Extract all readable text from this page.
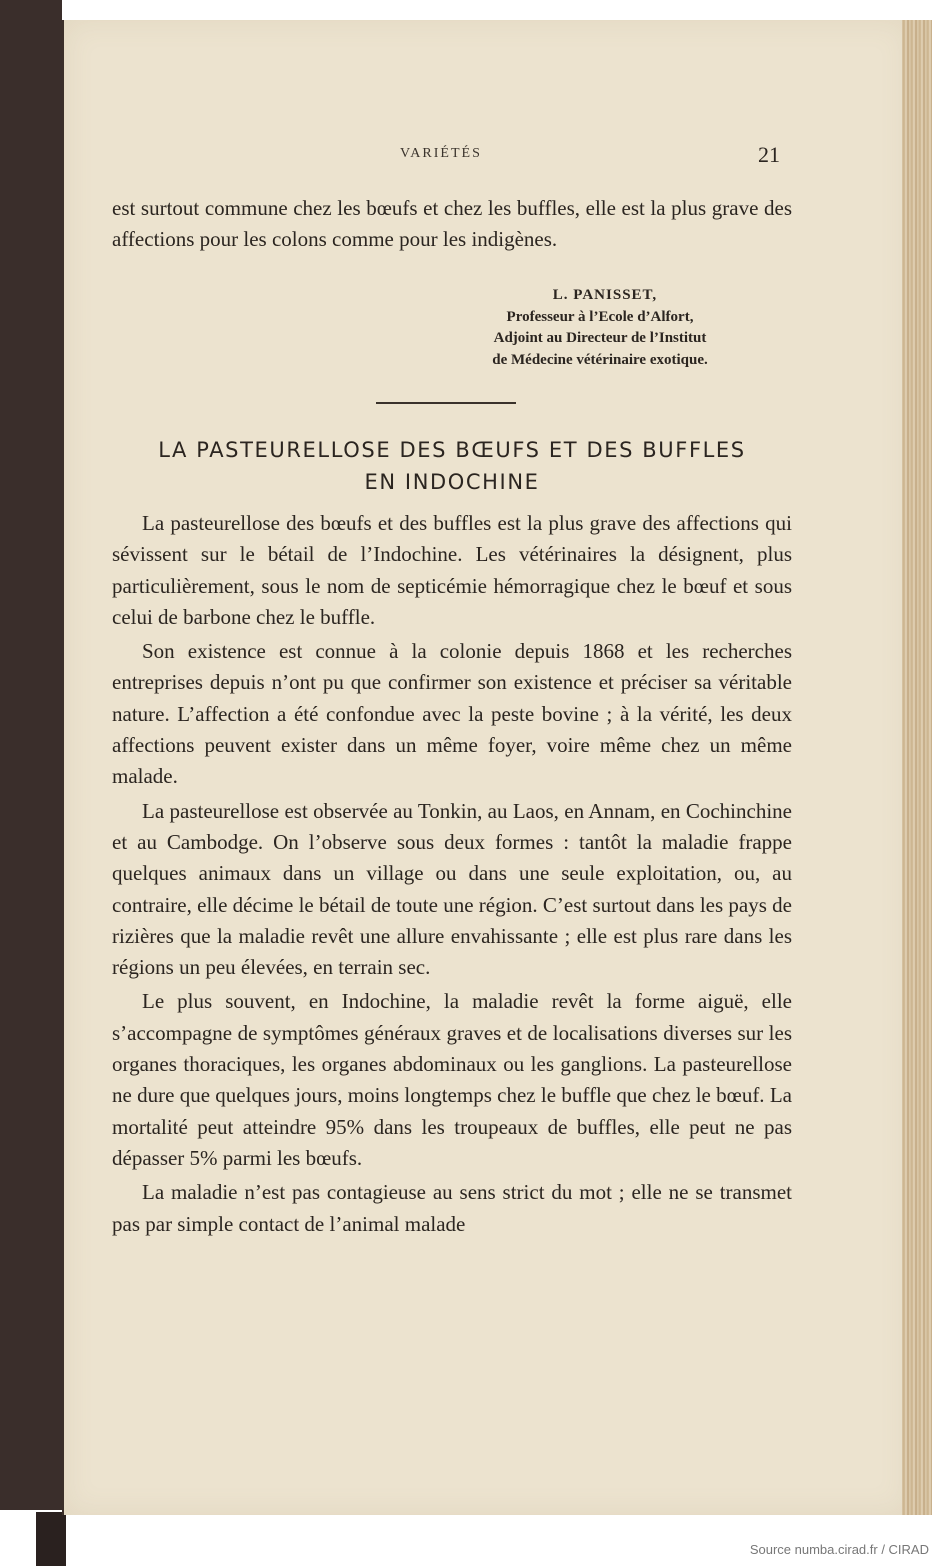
VARIÉTÉS	21

est surtout commune chez les bœufs et chez les buffles, elle est la plus grave des affections pour les colons comme pour les indigènes.

L. PANISSET,
Professeur à l’Ecole d’Alfort,
Adjoint au Directeur de l’Institut
de Médecine vétérinaire exotique.
LA PASTEURELLOSE DES BŒUFS ET DES BUFFLES
EN INDOCHINE

La pasteurellose des bœufs et des buffles est la plus grave des affections qui sévissent sur le bétail de l’Indochine. Les vétérinaires la désignent, plus particulièrement, sous le nom de septicémie hémorragique chez le bœuf et sous celui de barbone chez le buffle.

Son existence est connue à la colonie depuis 1868 et les recherches entreprises depuis n’ont pu que confirmer son existence et préciser sa véritable nature. L’affection a été confondue avec la peste bovine ; à la vérité, les deux affections peuvent exister dans un même foyer, voire même chez un même malade.

La pasteurellose est observée au Tonkin, au Laos, en Annam, en Cochinchine et au Cambodge. On l’observe sous deux formes : tantôt la maladie frappe quelques animaux dans un village ou dans une seule exploitation, ou, au contraire, elle décime le bétail de toute une région. C’est surtout dans les pays de rizières que la maladie revêt une allure envahissante ; elle est plus rare dans les régions un peu élevées, en terrain sec.

Le plus souvent, en Indochine, la maladie revêt la forme aiguë, elle s’accompagne de symptômes généraux graves et de localisations diverses sur les organes thoraciques, les organes abdominaux ou les ganglions. La pasteurellose ne dure que quelques jours, moins longtemps chez le buffle que chez le bœuf. La mortalité peut atteindre 95% dans les troupeaux de buffles, elle peut ne pas dépasser 5% parmi les bœufs.

La maladie n’est pas contagieuse au sens strict du mot ; elle ne se transmet pas par simple contact de l’animal malade

Source numba.cirad.fr / CIRAD
